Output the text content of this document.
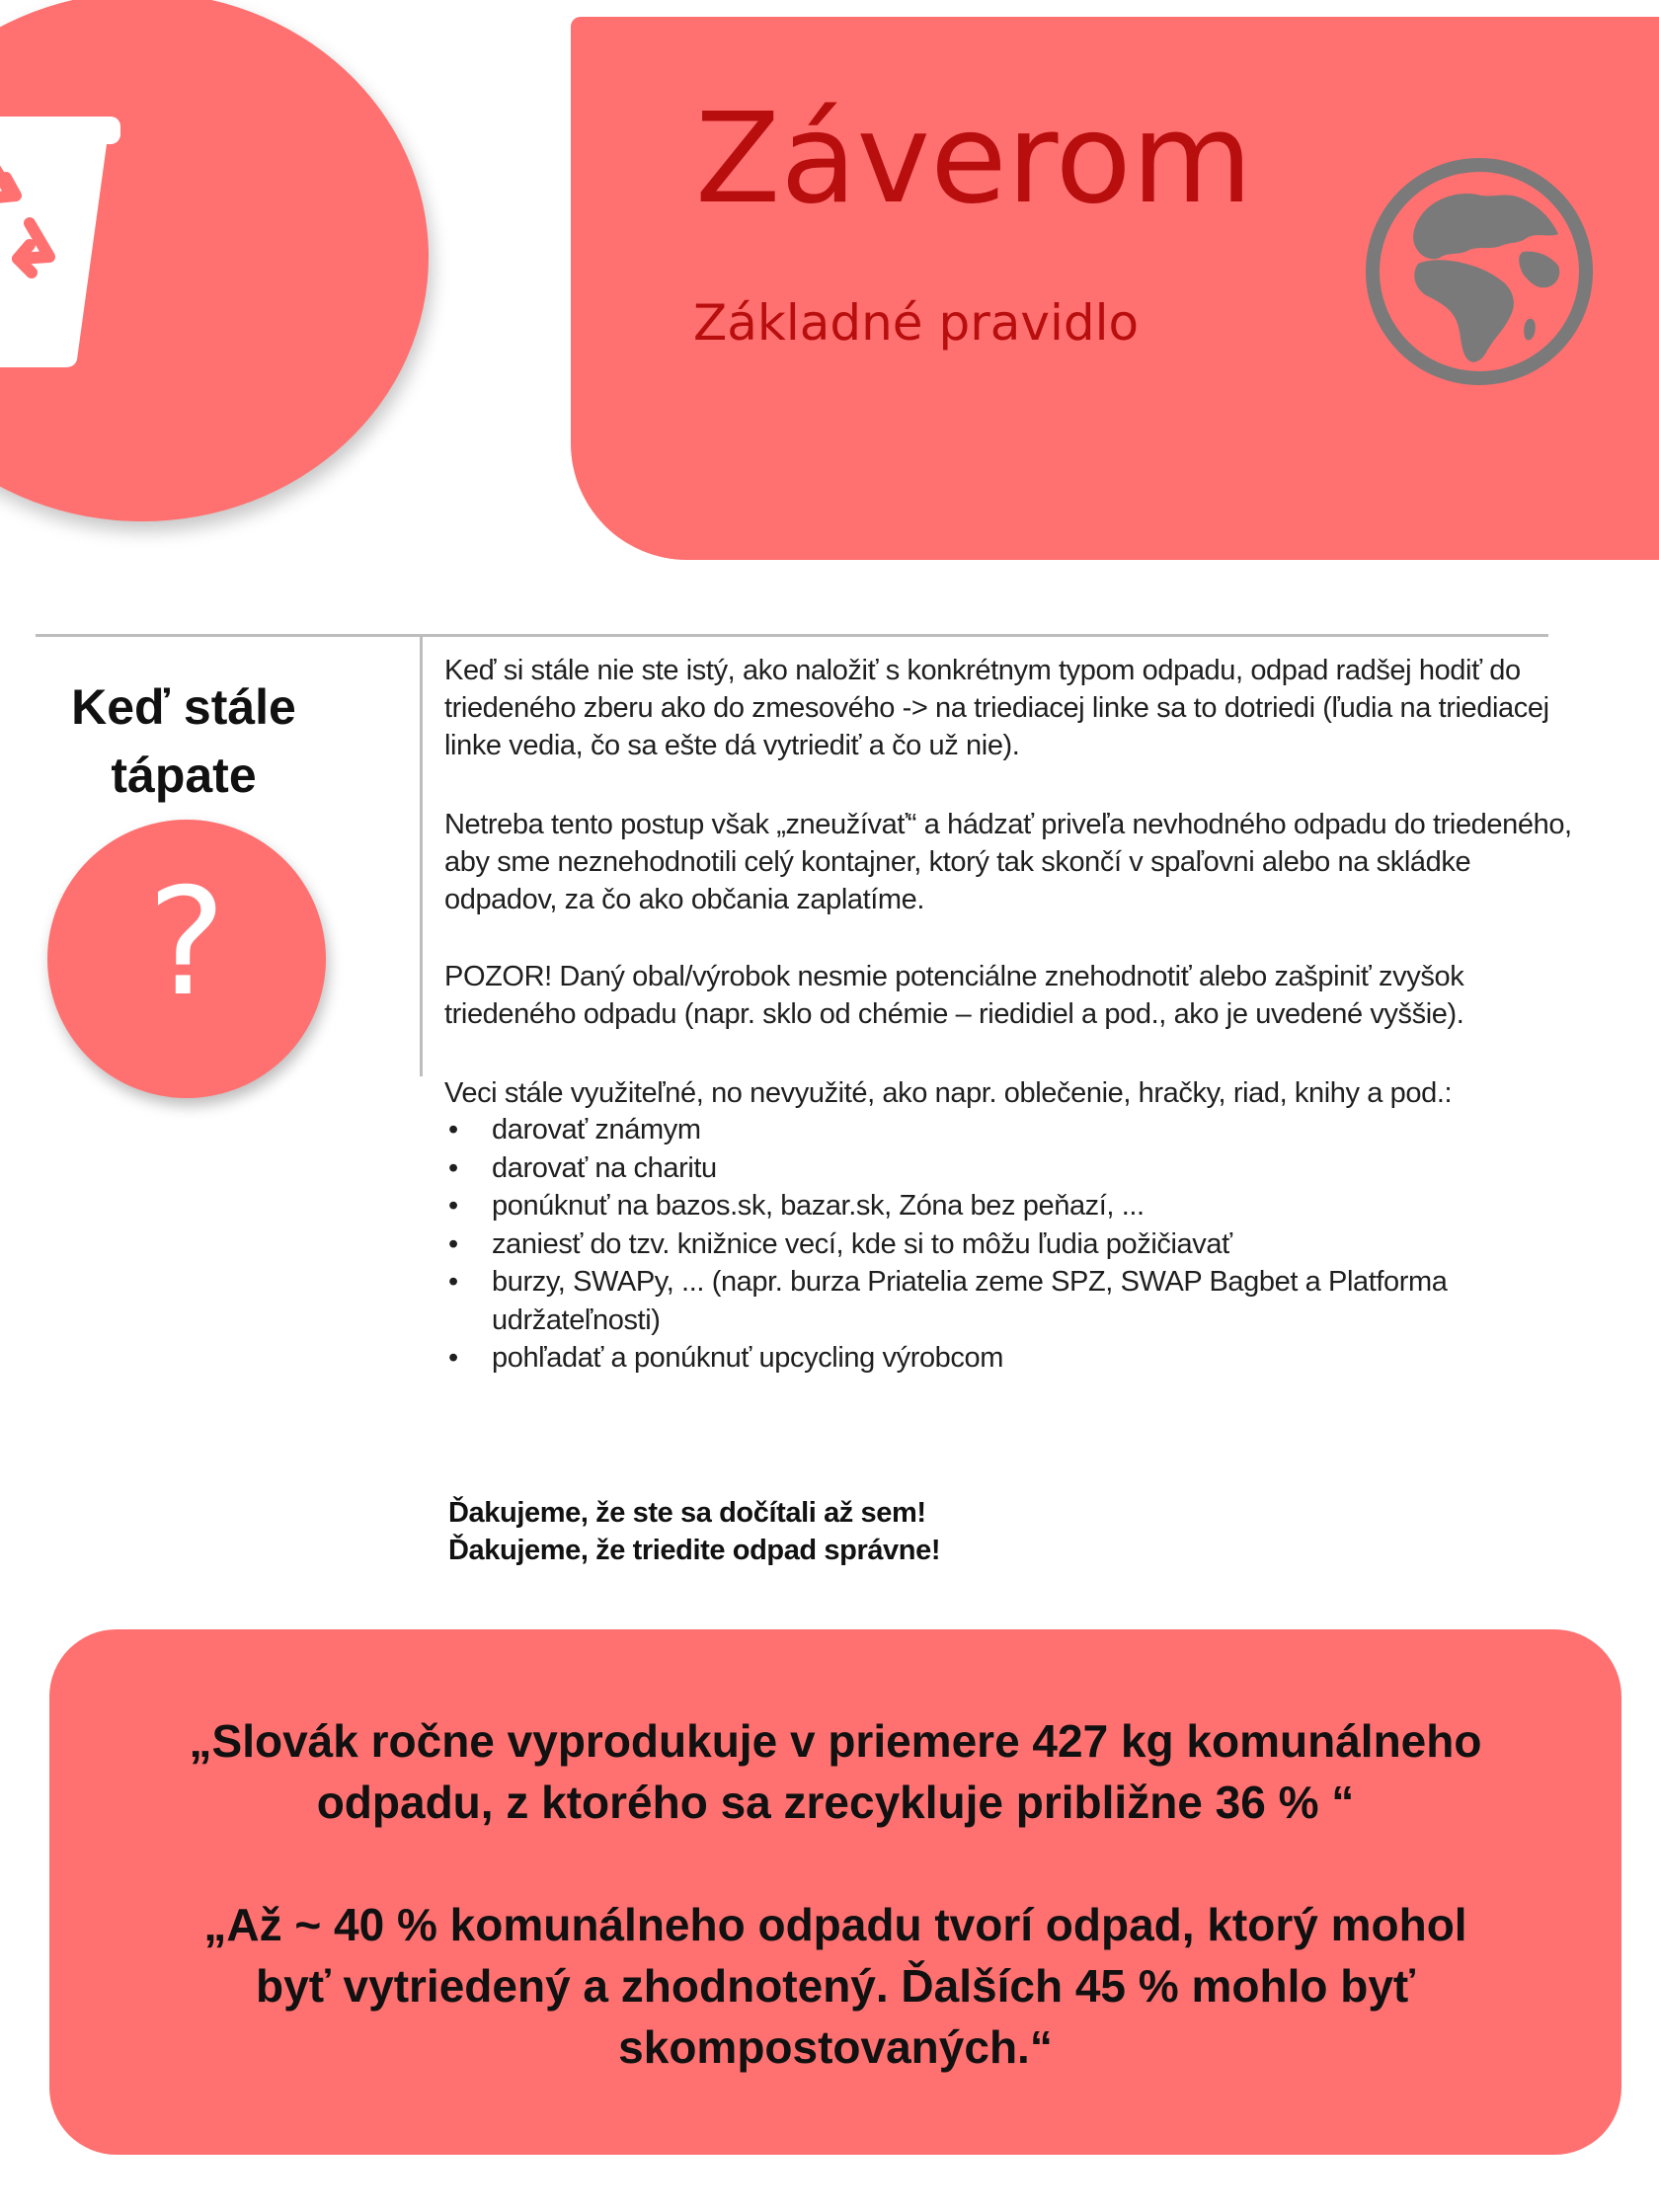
Záverom
Základné pravidlo
Keď stále
tápate
?

Keď si stále nie ste istý, ako naložiť s konkrétnym typom odpadu, odpad radšej hodiť do triedeného zberu ako do zmesového -> na triediacej linke sa to dotriedi (ľudia na triediacej linke vedia, čo sa ešte dá vytriediť a čo už nie).

Netreba tento postup však „zneužívať“ a hádzať priveľa nevhodného odpadu do triedeného, aby sme neznehodnotili celý kontajner, ktorý tak skončí v spaľovni alebo na skládke odpadov, za čo ako občania zaplatíme.

POZOR! Daný obal/výrobok nesmie potenciálne znehodnotiť alebo zašpiniť zvyšok triedeného odpadu (napr. sklo od chémie – riedidiel a pod., ako je uvedené vyššie).

Veci stále využiteľné, no nevyužité, ako napr. oblečenie, hračky, riad, knihy a pod.:

• darovať známym
• darovať na charitu
• ponúknuť na bazos.sk, bazar.sk, Zóna bez peňazí, ...
• zaniesť do tzv. knižnice vecí, kde si to môžu ľudia požičiavať
• burzy, SWAPy, ... (napr. burza Priatelia zeme SPZ, SWAP Bagbet a Platforma udržateľnosti)
• pohľadať a ponúknuť upcycling výrobcom
Ďakujeme, že ste sa dočítali až sem!
Ďakujeme, že triedite odpad správne!

„Slovák ročne vyprodukuje v priemere 427 kg komunálneho
odpadu, z ktorého sa zrecykluje približne 36 % “

„Až ~ 40 % komunálneho odpadu tvorí odpad, ktorý mohol
byť vytriedený a zhodnotený. Ďalších 45 % mohlo byť
skompostovaných.“
